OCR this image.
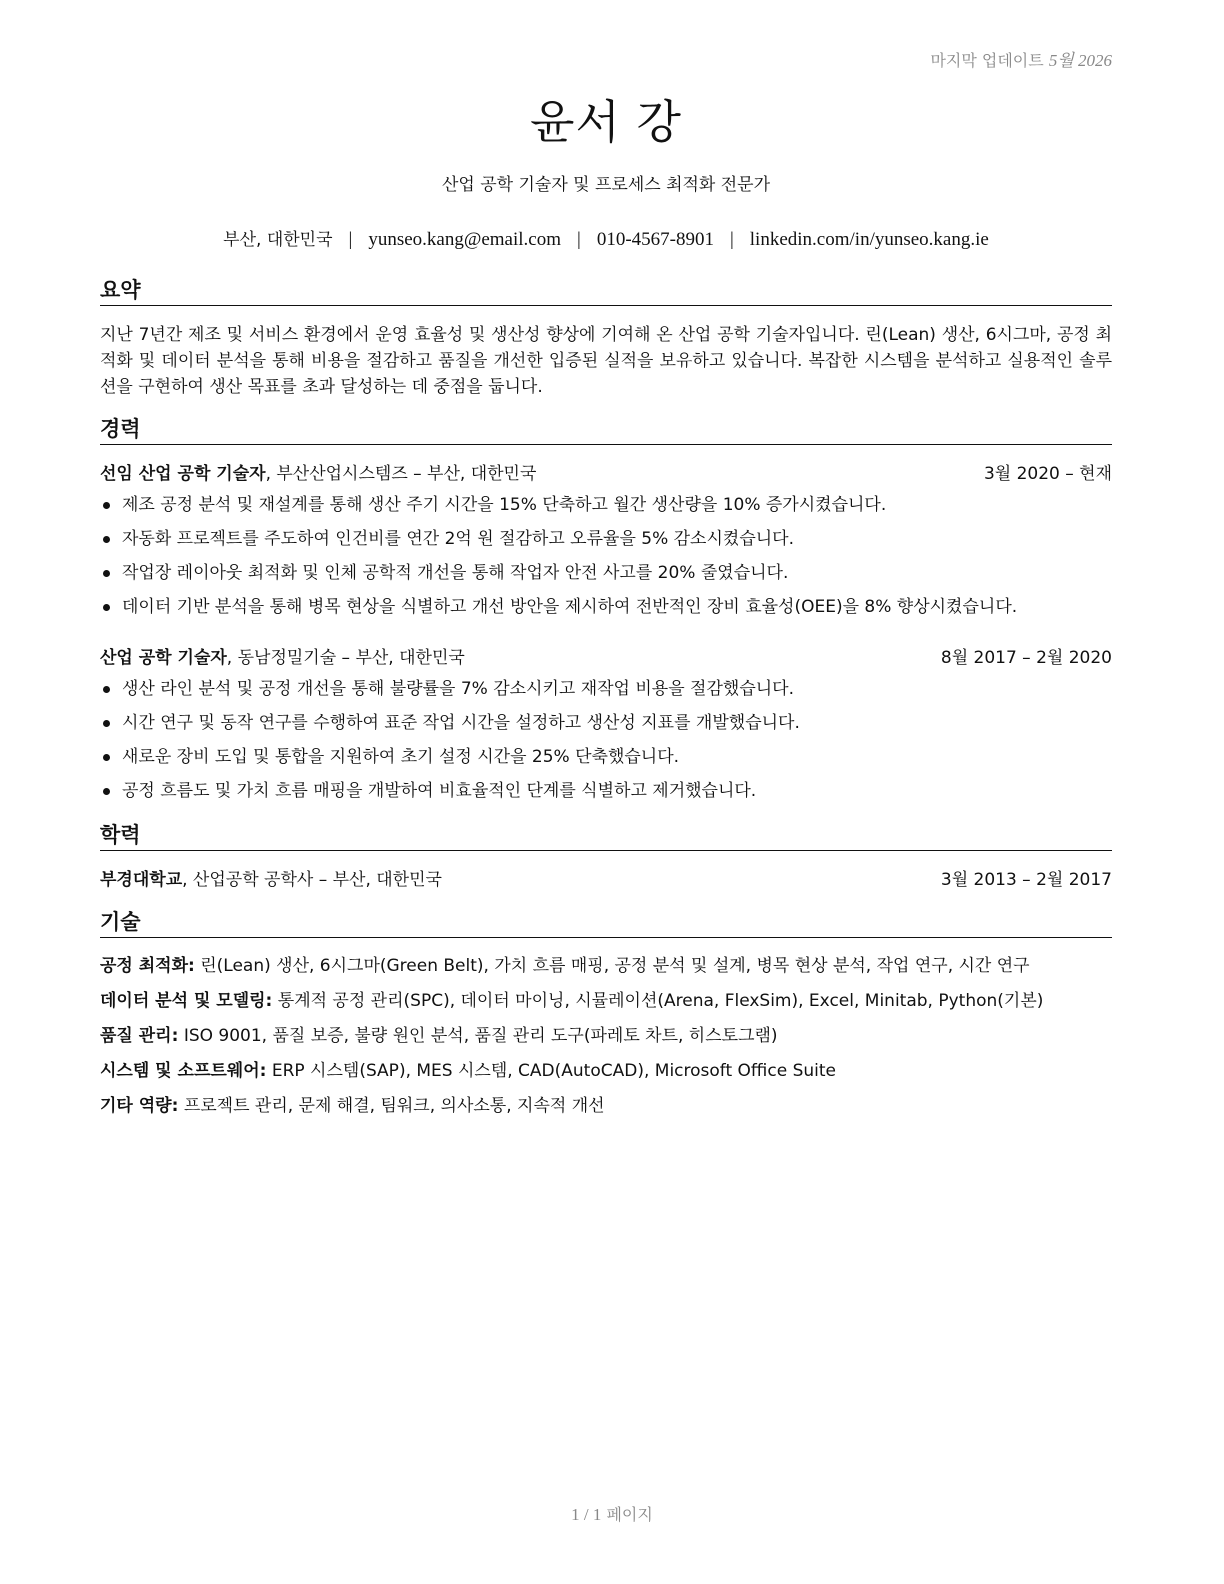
마지막 업데이트 5월 2026
윤서 강
산업 공학 기술자 및 프로세스 최적화 전문가
부산, 대한민국 | yunseo.kang@email.com | 010-4567-8901 | linkedin.com/in/yunseo.kang.ie
요약
지난 7년간 제조 및 서비스 환경에서 운영 효율성 및 생산성 향상에 기여해 온 산업 공학 기술자입니다. 린(Lean) 생산, 6시그마, 공정 최적화 및 데이터 분석을 통해 비용을 절감하고 품질을 개선한 입증된 실적을 보유하고 있습니다. 복잡한 시스템을 분석하고 실용적인 솔루션을 구현하여 생산 목표를 초과 달성하는 데 중점을 둡니다.
경력
선임 산업 공학 기술자, 부산산업시스템즈 – 부산, 대한민국	3월 2020 – 현재
제조 공정 분석 및 재설계를 통해 생산 주기 시간을 15% 단축하고 월간 생산량을 10% 증가시켰습니다.
자동화 프로젝트를 주도하여 인건비를 연간 2억 원 절감하고 오류율을 5% 감소시켰습니다.
작업장 레이아웃 최적화 및 인체 공학적 개선을 통해 작업자 안전 사고를 20% 줄였습니다.
데이터 기반 분석을 통해 병목 현상을 식별하고 개선 방안을 제시하여 전반적인 장비 효율성(OEE)을 8% 향상시켰습니다.
산업 공학 기술자, 동남정밀기술 – 부산, 대한민국	8월 2017 – 2월 2020
생산 라인 분석 및 공정 개선을 통해 불량률을 7% 감소시키고 재작업 비용을 절감했습니다.
시간 연구 및 동작 연구를 수행하여 표준 작업 시간을 설정하고 생산성 지표를 개발했습니다.
새로운 장비 도입 및 통합을 지원하여 초기 설정 시간을 25% 단축했습니다.
공정 흐름도 및 가치 흐름 매핑을 개발하여 비효율적인 단계를 식별하고 제거했습니다.
학력
부경대학교, 산업공학 공학사 – 부산, 대한민국	3월 2013 – 2월 2017
기술
공정 최적화: 린(Lean) 생산, 6시그마(Green Belt), 가치 흐름 매핑, 공정 분석 및 설계, 병목 현상 분석, 작업 연구, 시간 연구
데이터 분석 및 모델링: 통계적 공정 관리(SPC), 데이터 마이닝, 시뮬레이션(Arena, FlexSim), Excel, Minitab, Python(기본)
품질 관리: ISO 9001, 품질 보증, 불량 원인 분석, 품질 관리 도구(파레토 차트, 히스토그램)
시스템 및 소프트웨어: ERP 시스템(SAP), MES 시스템, CAD(AutoCAD), Microsoft Office Suite
기타 역량: 프로젝트 관리, 문제 해결, 팀워크, 의사소통, 지속적 개선
1 / 1 페이지
